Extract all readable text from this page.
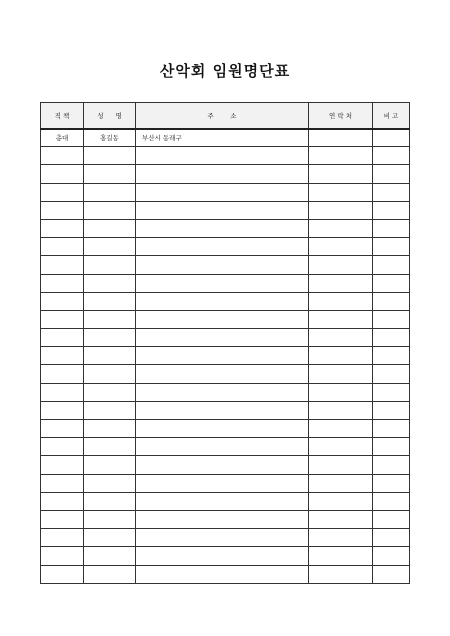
산악회 임원명단표
직 책	성 명	주        소	연 락 처	비 고
총대	홍길동	부산시 동래구		
